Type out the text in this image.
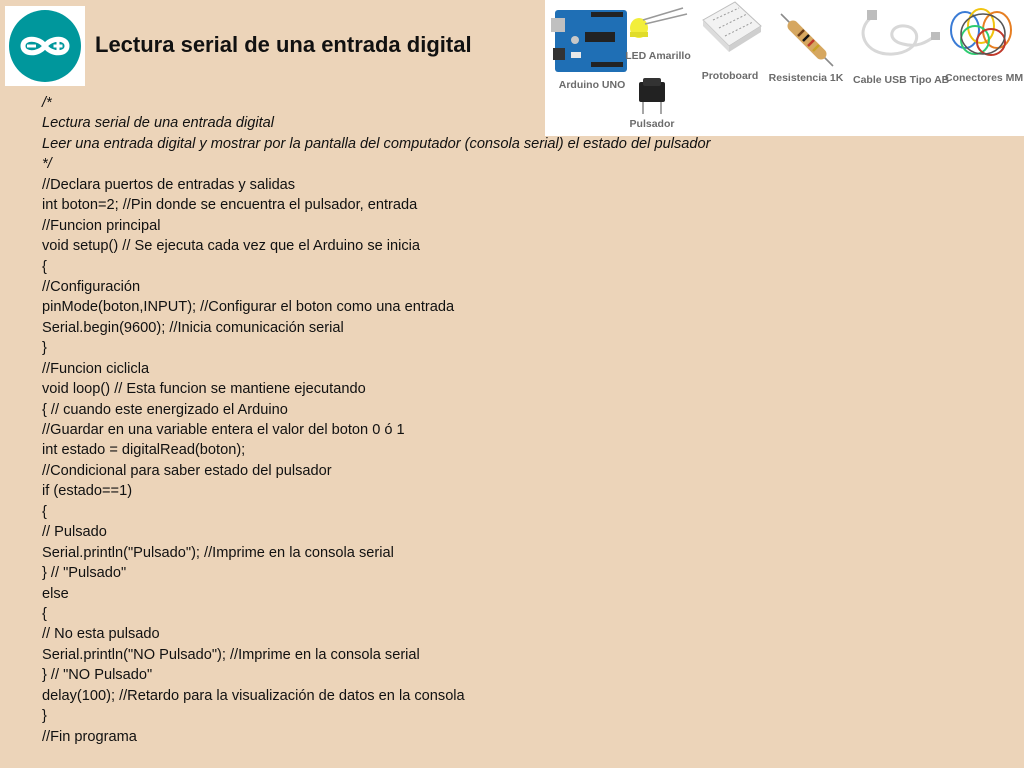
Lectura serial de una entrada digital
Arduino UNO
LED Amarillo
Protoboard Resistencia 1K Cable USB Tipo AB
Conectores MM
Pulsador
/*
Lectura serial de una entrada digital
Leer una entrada digital y mostrar por la pantalla del computador (consola serial) el estado del pulsador
*/
//Declara puertos de entradas y salidas
int boton=2; //Pin donde se encuentra el pulsador, entrada
//Funcion principal
void setup() // Se ejecuta cada vez que el Arduino se inicia
{
//Configuración
pinMode(boton,INPUT); //Configurar el boton como una entrada
Serial.begin(9600); //Inicia comunicación serial
}
//Funcion ciclicla
void loop() // Esta funcion se mantiene ejecutando
{ // cuando este energizado el Arduino
//Guardar en una variable entera el valor del boton 0 ó 1
int estado = digitalRead(boton);
//Condicional para saber estado del pulsador
if (estado==1)
{
// Pulsado
Serial.println("Pulsado"); //Imprime en la consola serial
} // "Pulsado"
else
{
// No esta pulsado
Serial.println("NO Pulsado"); //Imprime en la consola serial
} // "NO Pulsado"
delay(100); //Retardo para la visualización de datos en la consola
}
//Fin programa
